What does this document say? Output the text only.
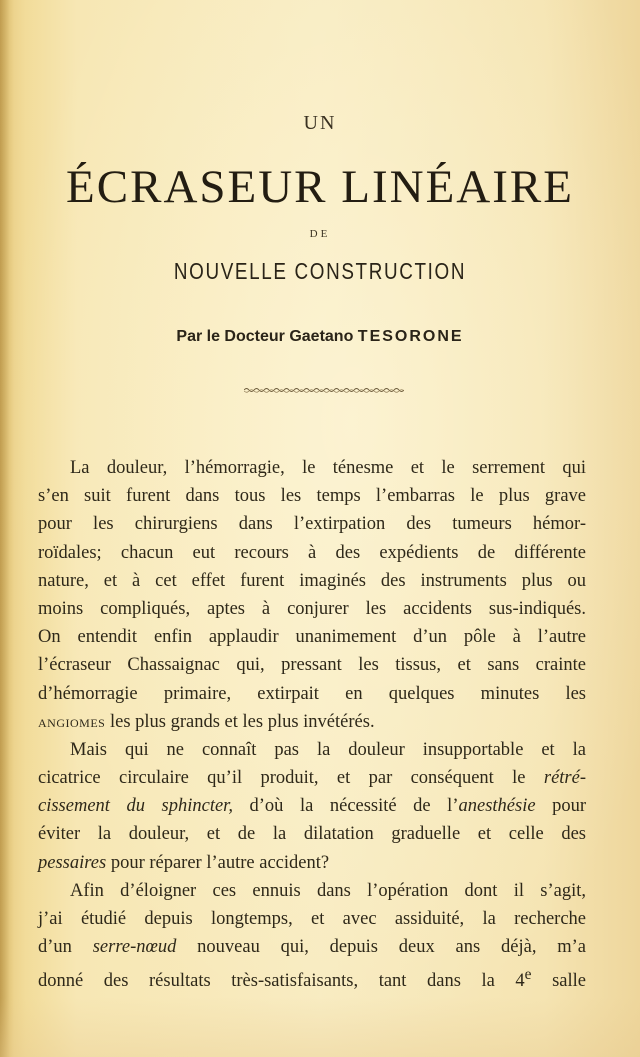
UN
ÉCRASEUR LINÉAIRE
DE
NOUVELLE CONSTRUCTION
Par le Docteur Gaetano TESORONE
La douleur, l’hémorragie, le ténesme et le serrement qui
s’en suit furent dans tous les temps l’embarras le plus grave
pour les chirurgiens dans l’extirpation des tumeurs hémor-
roïdales; chacun eut recours à des expédients de différente
nature, et à cet effet furent imaginés des instruments plus ou
moins compliqués, aptes à conjurer les accidents sus-indiqués.
On entendit enfin applaudir unanimement d’un pôle à l’autre
l’écraseur Chassaignac qui, pressant les tissus, et sans crainte
d’hémorragie primaire, extirpait en quelques minutes les
angiomes les plus grands et les plus invétérés.
Mais qui ne connaît pas la douleur insupportable et la
cicatrice circulaire qu’il produit, et par conséquent le rétré-
cissement du sphincter, d’où la nécessité de l’anesthésie pour
éviter la douleur, et de la dilatation graduelle et celle des
pessaires pour réparer l’autre accident?
Afin d’éloigner ces ennuis dans l’opération dont il s’agit,
j’ai étudié depuis longtemps, et avec assiduité, la recherche
d’un serre-nœud nouveau qui, depuis deux ans déjà, m’a
donné des résultats très-satisfaisants, tant dans la 4e salle
